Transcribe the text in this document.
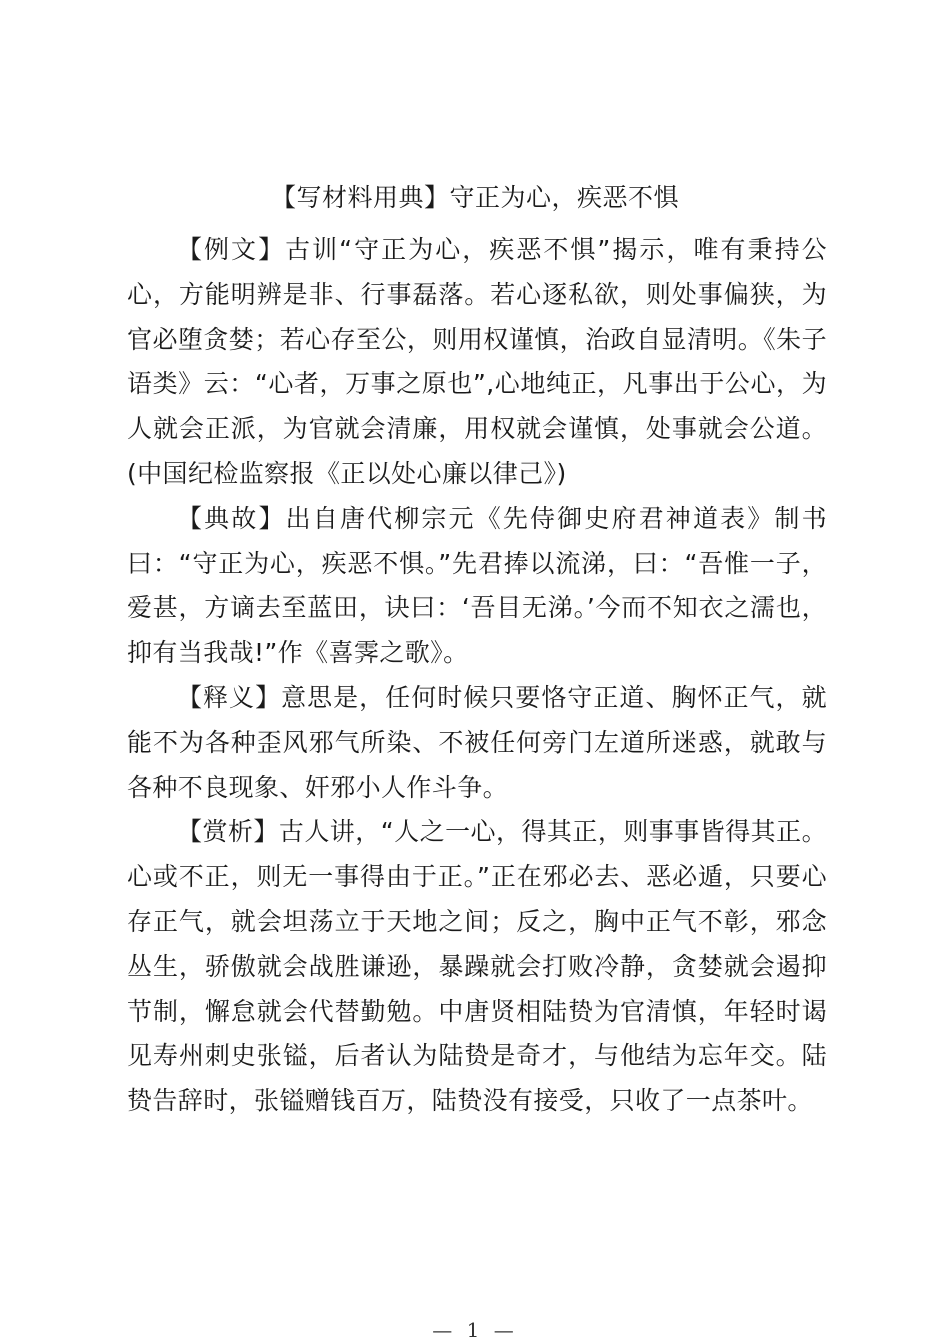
【写材料用典】守正为心，疾恶不惧

【例文】古训“守正为心，疾恶不惧”揭示，唯有秉持公心，方能明辨是非、行事磊落。若心逐私欲，则处事偏狭，为官必堕贪婪；若心存至公，则用权谨慎，治政自显清明。《朱子语类》云：“心者，万事之原也”,心地纯正，凡事出于公心，为人就会正派，为官就会清廉，用权就会谨慎，处事就会公道。(中国纪检监察报《正以处心廉以律己》)

【典故】出自唐代柳宗元《先侍御史府君神道表》制书曰：“守正为心，疾恶不惧。”先君捧以流涕，曰：“吾惟一子，爱甚，方谪去至蓝田，诀曰：‘吾目无涕。’今而不知衣之濡也，抑有当我哉!”作《喜霁之歌》。

【释义】意思是，任何时候只要恪守正道、胸怀正气，就能不为各种歪风邪气所染、不被任何旁门左道所迷惑，就敢与各种不良现象、奸邪小人作斗争。

【赏析】古人讲，“人之一心，得其正，则事事皆得其正。心或不正，则无一事得由于正。”正在邪必去、恶必遁，只要心存正气，就会坦荡立于天地之间；反之，胸中正气不彰，邪念丛生，骄傲就会战胜谦逊，暴躁就会打败冷静，贪婪就会遏抑节制，懈怠就会代替勤勉。中唐贤相陆贽为官清慎，年轻时谒见寿州刺史张镒，后者认为陆贽是奇才，与他结为忘年交。陆贽告辞时，张镒赠钱百万，陆贽没有接受，只收了一点茶叶。

— 1 —
